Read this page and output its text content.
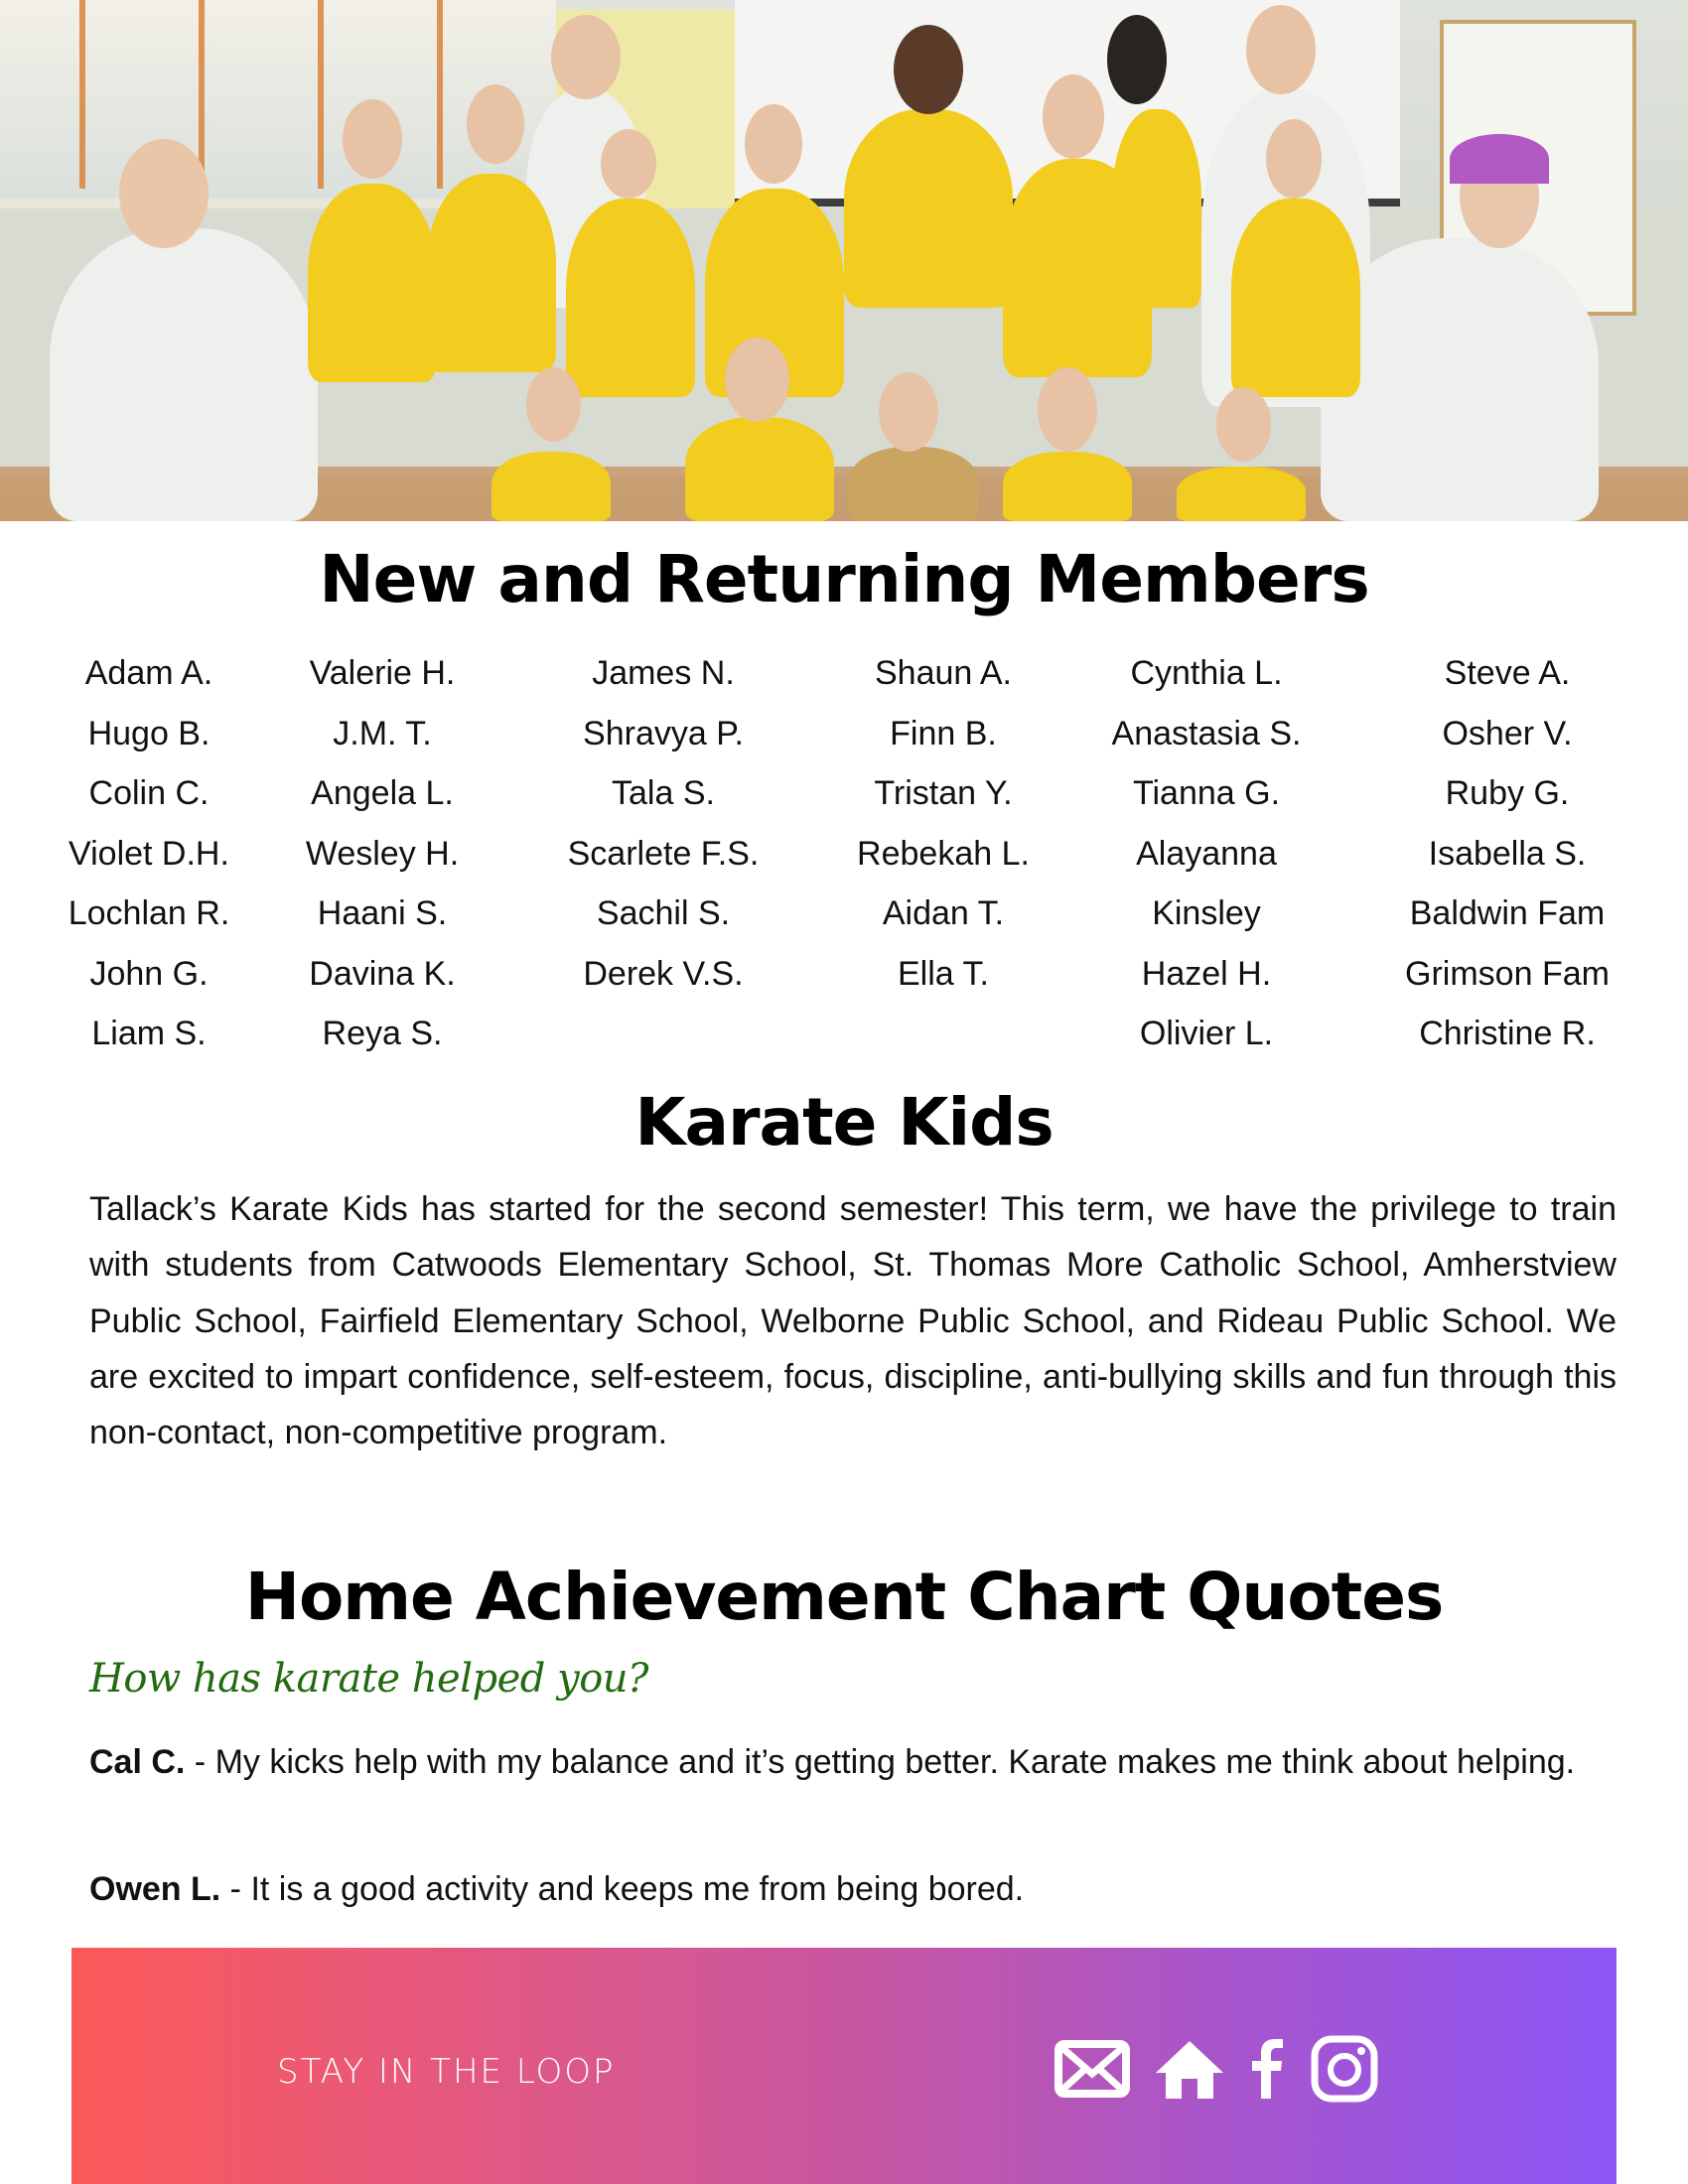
New and Returning Members
Adam A.
Hugo B.
Colin C.
Violet D.H.
Lochlan R.
John G.
Liam S.
Valerie H.
J.M. T.
Angela L.
Wesley H.
Haani S.
Davina K.
Reya S.
James N.
Shravya P.
Tala S.
Scarlete F.S.
Sachil S.
Derek V.S.
Shaun A.
Finn B.
Tristan Y.
Rebekah L.
Aidan T.
Ella T.
Cynthia L.
Anastasia S.
Tianna G.
Alayanna
Kinsley
Hazel H.
Olivier L.
Steve A.
Osher V.
Ruby G.
Isabella S.
Baldwin Fam
Grimson Fam
Christine R.
Karate Kids

Tallack’s Karate Kids has started for the second semester! This term, we have the privilege to train with students from Catwoods Elementary School, St. Thomas More Catholic School, Amherstview Public School, Fairfield Elementary School, Welborne Public School, and Rideau Public School. We are excited to impart confidence, self-esteem, focus, discipline, anti-bullying skills and fun through this non-contact, non-competitive program.

Home Achievement Chart Quotes

How has karate helped you?

Cal C. - My kicks help with my balance and it’s getting better. Karate makes me think about helping.

Owen L. - It is a good activity and keeps me from being bored.

STAY IN THE LOOP
